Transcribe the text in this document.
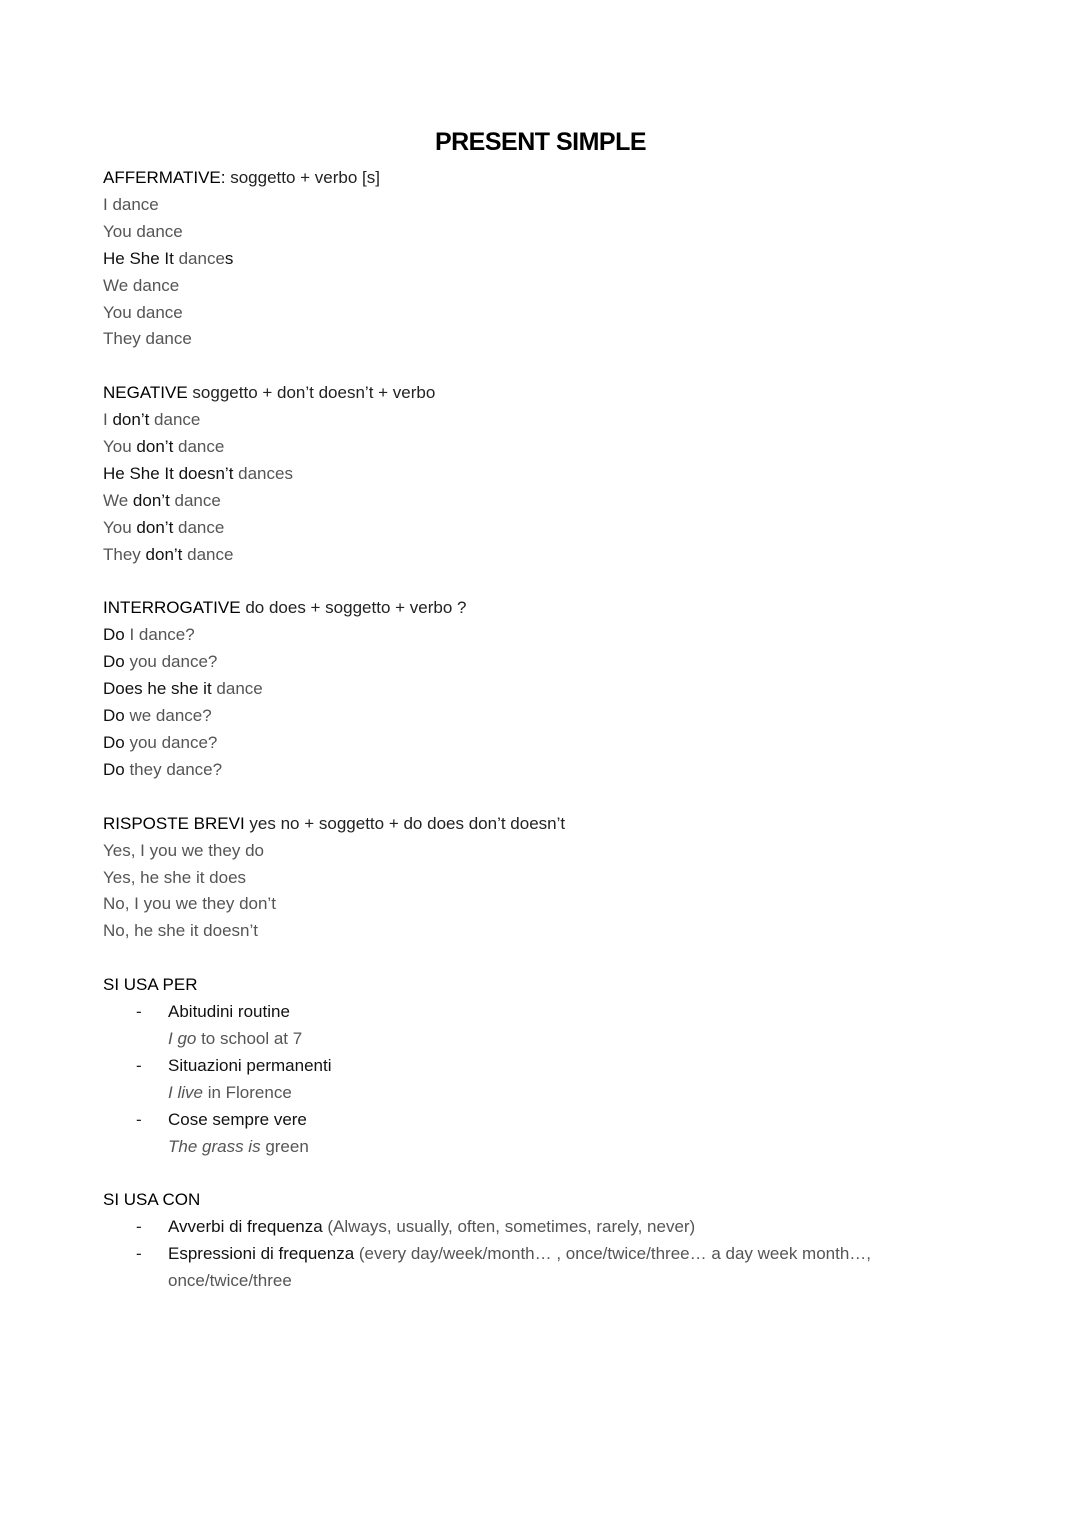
PRESENT SIMPLE
AFFERMATIVE: soggetto + verbo [s]
I dance
You dance
He She It dances
We dance
You dance
They dance
NEGATIVE soggetto + don’t doesn’t + verbo
I don’t dance
You don’t dance
He She It doesn’t dances
We don’t dance
You don’t dance
They don’t dance
INTERROGATIVE do does + soggetto + verbo ?
Do I dance?
Do you dance?
Does he she it dance
Do we dance?
Do you dance?
Do they dance?
RISPOSTE BREVI yes no + soggetto + do does don’t doesn’t
Yes, I you we they do
Yes, he she it does
No, I you we they don’t
No, he she it doesn’t
SI USA PER
- Abitudini routine
I go to school at 7
- Situazioni permanenti
I live in Florence
- Cose sempre vere
The grass is green
SI USA CON
- Avverbi di frequenza (Always, usually, often, sometimes, rarely, never)
- Espressioni di frequenza (every day/week/month… , once/twice/three… a day week month…, once/twice/three
